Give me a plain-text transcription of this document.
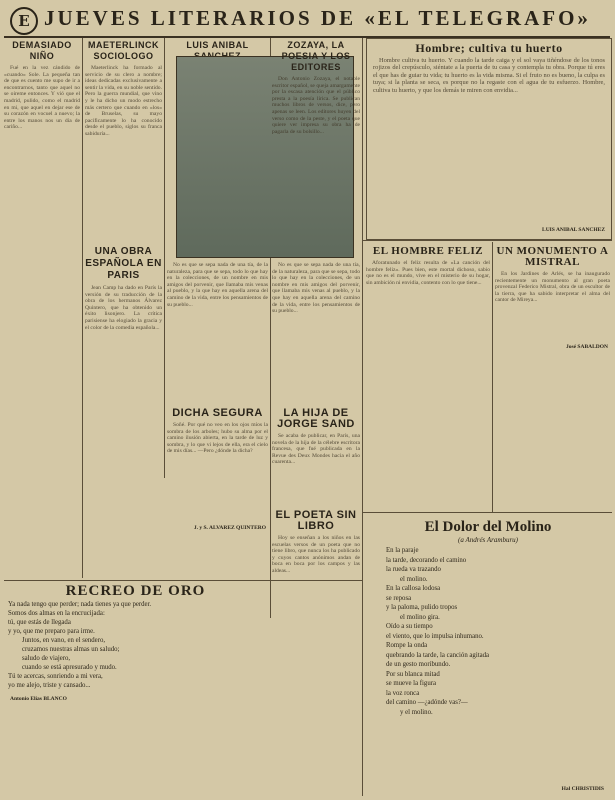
E JUEVES LITERARIOS DE «EL TELEGRAFO»
DEMASIADO NIÑO

Fué en la vez cándido de «cuando» Sole. La pequeña tan de que es cuento me supo de ir a encontrarnos, tanto que aquel no se oireme entonces. Y vió que el madrid, pulido, como el madrid en mi, que aquel en dejar ese de su corazón en vocuel a nuevo; la entre los manos nos un día de cariño...

MAETERLINCK SOCIOLOGO

Maeterlinck ha formado al servicio de su clero a nombre; ideas dedicadas exclusivamente a sentir la vida, en su noble sentido. Pero la guerra mundial, que vino y le ha dicho un modo estrecho más certero que cuando en «los» de Bruselas, su mayo pacíficamente lo ha conocido desde el pueblo, siglos su franca sabiduría...

UNA OBRA ESPAÑOLA EN PARIS

Jean Camp ha dado en París la versión de su traducción de la obra de los hermanos Álvarez Quintero, que ha obtenido un éxito lisonjero. La crítica parisiense ha elogiado la gracia y el color de la comedia española...

LUIS ANIBAL

No es que se sepa nada de una tía, de la naturaleza, para que se sepa, todo lo que hay en la colecciones, de un nombre en mis amigos del porvenir, que llamaba mis venas al pueblo, y la que hay en aquella arena del camino de la vida, entre los pensamientos de su pueblo...

No es que se sepa nada de una tía, de la naturaleza, para que se sepa, todo lo que hay en la colecciones, de un nombre en mis amigos del porvenir, que llamaba mis venas al pueblo, y la que hay en aquella arena del camino de la vida, entre los pensamientos de su pueblo...

ZOZAYA, LA POESIA Y LOS EDITORES

Don Antonio Zozaya, el notable escritor español, se queja amargamente por la escasa atención que el público presta a la poesía lírica. Se publican muchos libros de versos, dice, pero apenas se leen. Los editores huyen del verso como de la peste, y el poeta que quiere ver impresa su obra ha de pagarla de su bolsillo...

DICHA SEGURA

Soñé. Por qué no veo en los ojos míos la sombra de los arboles; hubo su alma por el camino ilusión abierta, en la tarde de luz y sombra, y lo que vi lejos de ella, era el cielo de mis días... —Pero ¿dónde la dicha?

J. y S. ALVAREZ QUINTERO
LA HIJA DE JORGE SAND

Se acaba de publicar, en París, una novela de la hija de la célebre escritora francesa, que fué publicada en la Revue des Deux Mondes hacia el año cuarenta...

EL POETA SIN LIBRO

Hoy se enseñan a los niños en las escuelas versos de un poeta que no tiene libro, que nunca los ha publicado y cuyos cantos anónimos andan de boca en boca por los campos y las aldeas...

RECREO DE ORO
Ya nada tengo que perder; nada tienes ya que perder.
Somos dos almas en la encrucijada:
tú, que estás de llegada
y yo, que me preparo para irme.
Juntos, en vano, en el sendero,
cruzamos nuestras almas un saludo;
saludo de viajero,
cuando se está apresurado y mudo.
Tú te acercas, sonriendo a mi vera,
yo me alejo, triste y cansado...
Antonio Elías BLANCO
Hombre; cultiva tu huerto

Hombre cultiva tu huerto. Y cuando la tarde caiga y el sol vaya tiñéndose de los tonos rojizos del crepúsculo, siéntate a la puerta de tu casa y contempla tu obra. Porque tú eres el que has de guiar tu vida; tu huerto es la vida misma. Si el fruto no es bueno, la culpa es tuya; si la planta se seca, es porque no la regaste con el agua de tu esfuerzo. Hombre, cultiva tu huerto, y que los demás te miren con envidia...

LUIS ANIBAL SANCHEZ
EL HOMBRE FELIZ

Aforatunado el feliz resulta de «La canción del hombre feliz». Pues bien, este mortal dichoso, sabio que no es el mundo, vive en el misterio de su hogar, sin ambición ni envidia, contento con lo que tiene...

UN MONUMENTO A MISTRAL

En los Jardines de Arlés, se ha inaugurado recientemente un monumento al gran poeta provenzal Federico Mistral, obra de un escultor de la tierra, que ha sabido interpretar el alma del cantor de Mireya...

José SABALDON
El Dolor del Molino
(a Andrés Aramburu)
En la paraje
la tarde, decorando el camino
la rueda va trazando
el molino.
En la callosa lodosa
se reposa
y la paloma, pulido tropos
el molino gira.
Oído a su tiempo
el viento, que lo impulsa inhumano.
Rompe la onda
quebrando la tarde, la canción agitada
de un gesto moribundo.
Por su blanca mitad
se mueve la figura
la voz ronca
del camino —¿adónde vas?—
y el molino.
Hal CHRISTIDIS
